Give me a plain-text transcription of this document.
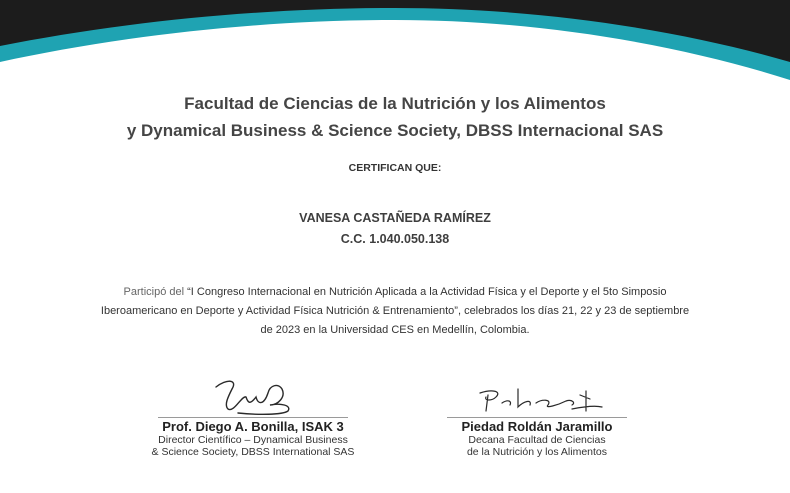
Facultad de Ciencias de la Nutrición y los Alimentos
y Dynamical Business & Science Society, DBSS Internacional SAS
CERTIFICAN QUE:
VANESA CASTAÑEDA RAMÍREZ
C.C. 1.040.050.138
Participó del “I Congreso Internacional en Nutrición Aplicada a la Actividad Física y el Deporte y el 5to Simposio Iberoamericano en Deporte y Actividad Física Nutrición & Entrenamiento”, celebrados los días 21, 22 y 23 de septiembre de 2023 en la Universidad CES en Medellín, Colombia.
Prof. Diego A. Bonilla, ISAK 3
Director Científico – Dynamical Business
& Science Society, DBSS International SAS
Piedad Roldán Jaramillo
Decana Facultad de Ciencias
de la Nutrición y los Alimentos
